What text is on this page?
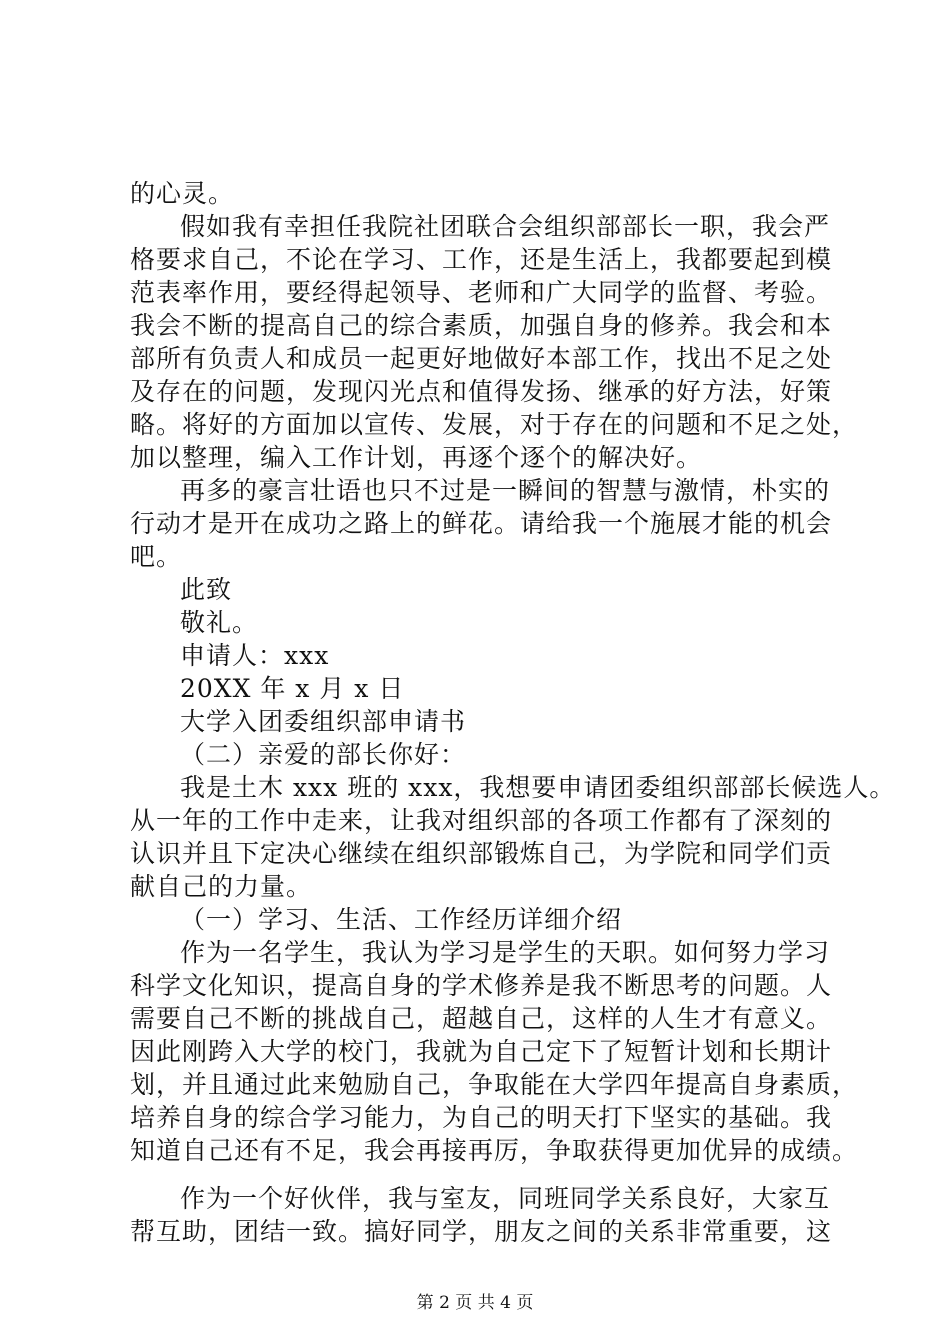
的心灵。
假如我有幸担任我院社团联合会组织部部长一职，我会严
格要求自己，不论在学习、工作，还是生活上，我都要起到模
范表率作用，要经得起领导、老师和广大同学的监督、考验。
我会不断的提高自己的综合素质，加强自身的修养。我会和本
部所有负责人和成员一起更好地做好本部工作，找出不足之处
及存在的问题，发现闪光点和值得发扬、继承的好方法，好策
略。将好的方面加以宣传、发展，对于存在的问题和不足之处，
加以整理，编入工作计划，再逐个逐个的解决好。
再多的豪言壮语也只不过是一瞬间的智慧与激情，朴实的
行动才是开在成功之路上的鲜花。请给我一个施展才能的机会
吧。
此致
敬礼。
申请人：xxx
20XX 年 x 月 x 日
大学入团委组织部申请书
（二）亲爱的部长你好：
我是土木 xxx 班的 xxx，我想要申请团委组织部部长候选人。
从一年的工作中走来，让我对组织部的各项工作都有了深刻的
认识并且下定决心继续在组织部锻炼自己，为学院和同学们贡
献自己的力量。
（一）学习、生活、工作经历详细介绍
作为一名学生，我认为学习是学生的天职。如何努力学习
科学文化知识，提高自身的学术修养是我不断思考的问题。人
需要自己不断的挑战自己，超越自己，这样的人生才有意义。
因此刚跨入大学的校门，我就为自己定下了短暂计划和长期计
划，并且通过此来勉励自己，争取能在大学四年提高自身素质，
培养自身的综合学习能力，为自己的明天打下坚实的基础。我
知道自己还有不足，我会再接再厉，争取获得更加优异的成绩。
作为一个好伙伴，我与室友，同班同学关系良好，大家互
帮互助，团结一致。搞好同学，朋友之间的关系非常重要，这
第 2 页 共 4 页
